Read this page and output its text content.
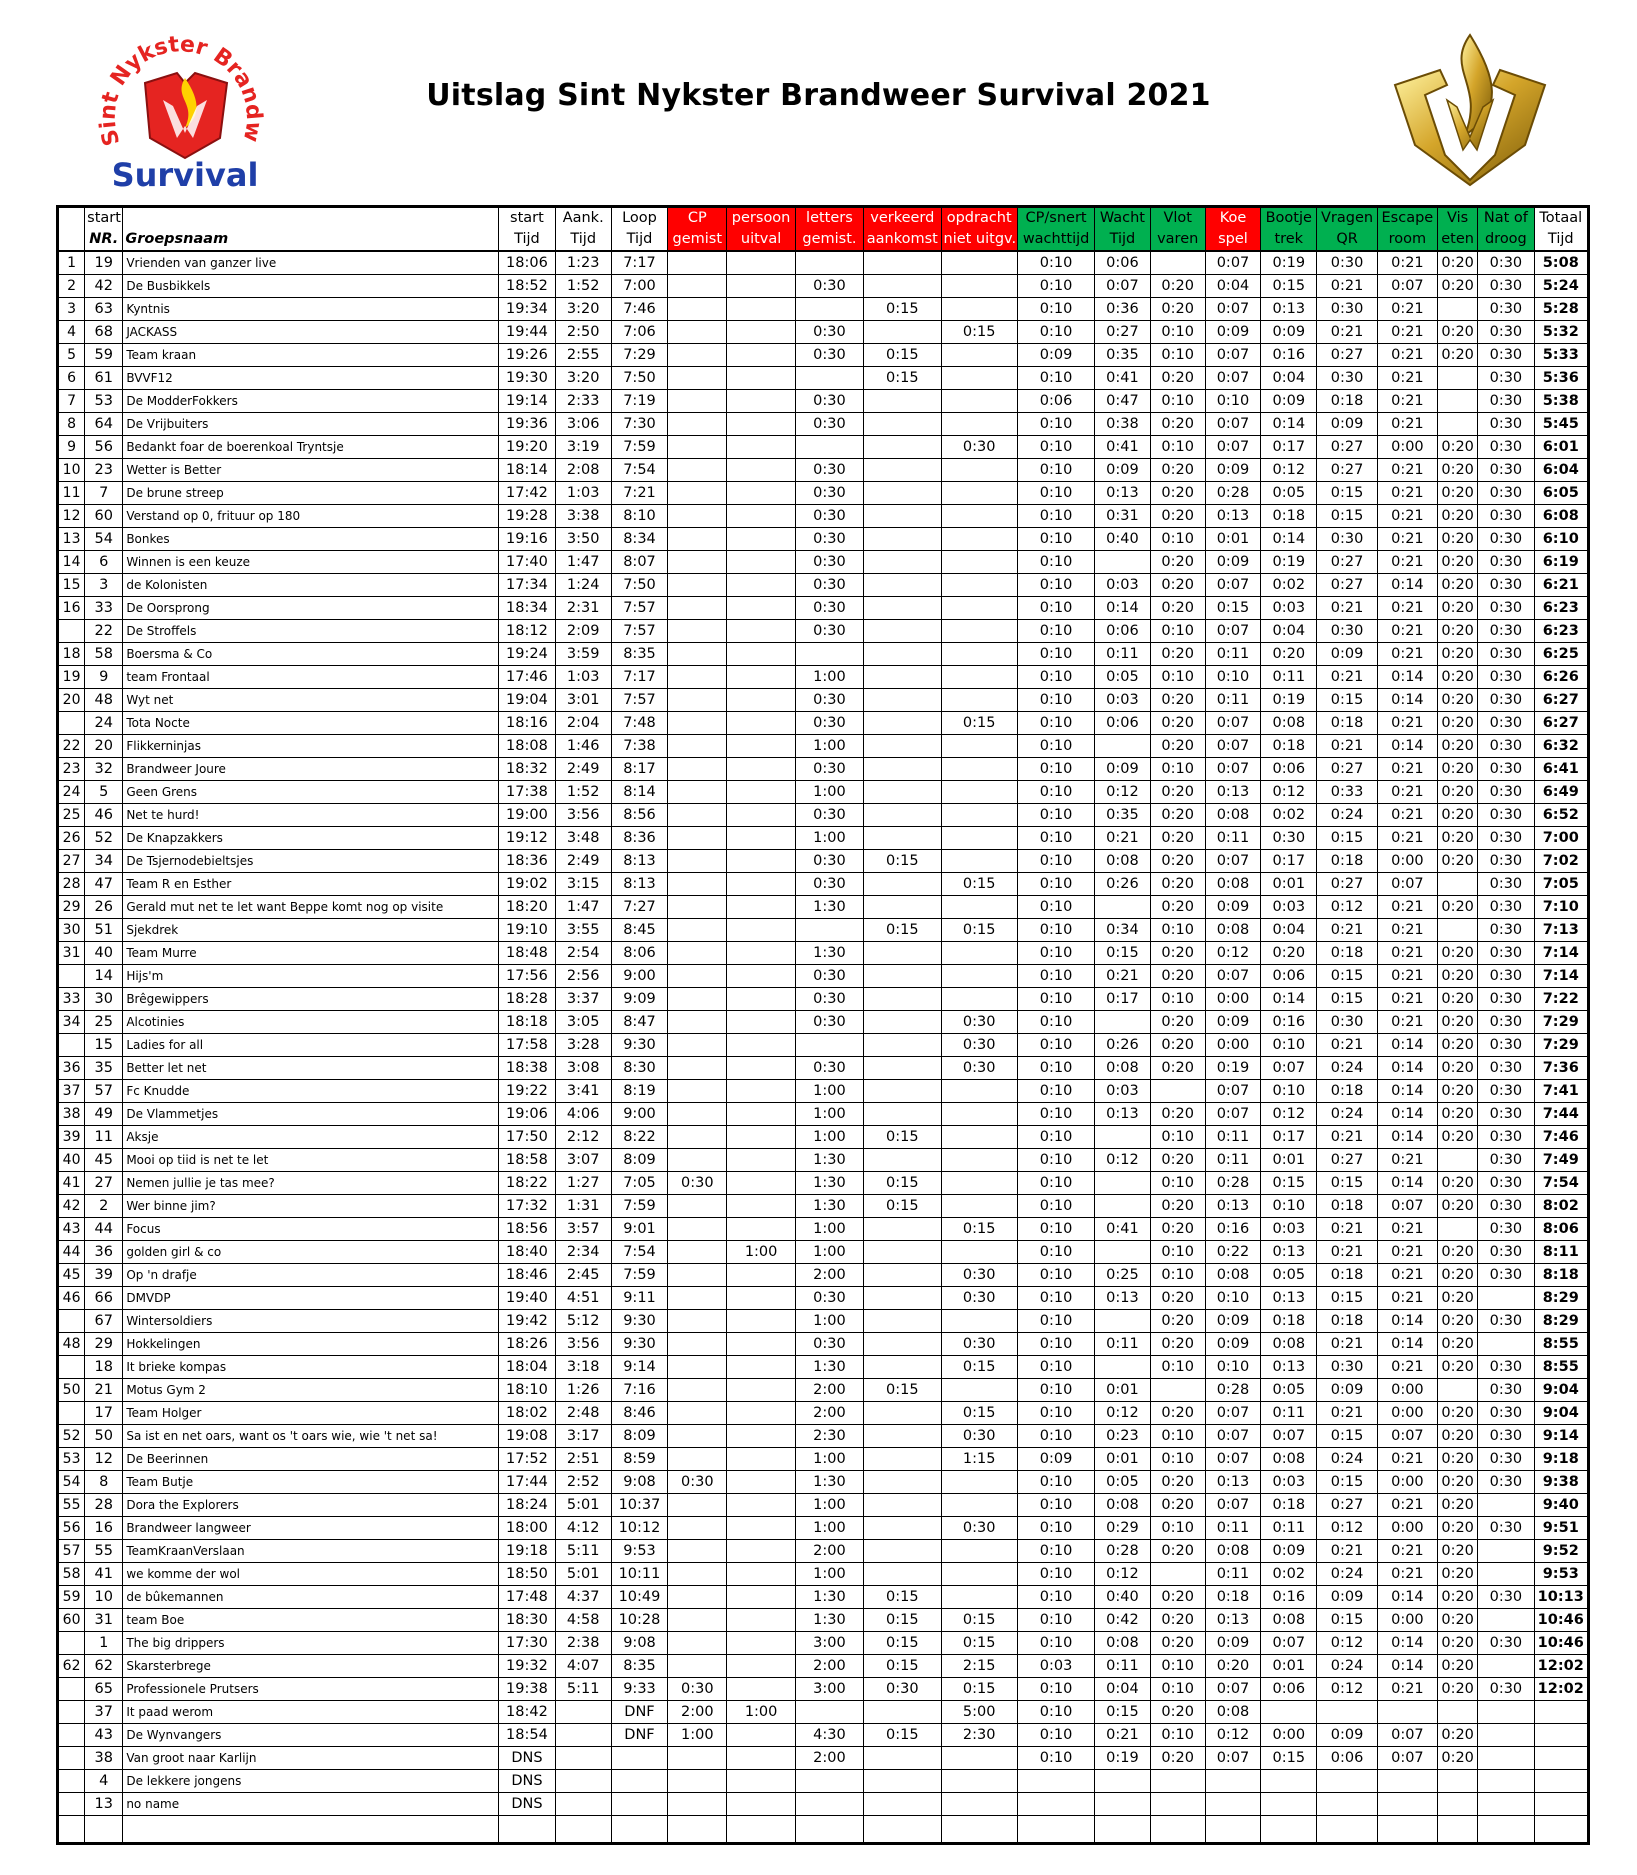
Sint Nykster Brandw
Survival
Uitslag Sint Nykster Brandweer Survival 2021
	start		start	Aank.	Loop	CP	persoon	letters	verkeerd	opdracht	CP/snert	Wacht	Vlot	Koe	Bootje	Vragen	Escape	Vis	Nat of	Totaal
	NR.	Groepsnaam	Tijd	Tijd	Tijd	gemist	uitval	gemist.	aankomst	niet uitgv.	wachttijd	Tijd	varen	spel	trek	QR	room	eten	droog	Tijd
1	19	Vrienden van ganzer live	18:06	1:23	7:17						0:10	0:06		0:07	0:19	0:30	0:21	0:20	0:30	5:08
2	42	De Busbikkels	18:52	1:52	7:00			0:30			0:10	0:07	0:20	0:04	0:15	0:21	0:07	0:20	0:30	5:24
3	63	Kyntnis	19:34	3:20	7:46				0:15		0:10	0:36	0:20	0:07	0:13	0:30	0:21		0:30	5:28
4	68	JACKASS	19:44	2:50	7:06			0:30		0:15	0:10	0:27	0:10	0:09	0:09	0:21	0:21	0:20	0:30	5:32
5	59	Team kraan	19:26	2:55	7:29			0:30	0:15		0:09	0:35	0:10	0:07	0:16	0:27	0:21	0:20	0:30	5:33
6	61	BVVF12	19:30	3:20	7:50				0:15		0:10	0:41	0:20	0:07	0:04	0:30	0:21		0:30	5:36
7	53	De ModderFokkers	19:14	2:33	7:19			0:30			0:06	0:47	0:10	0:10	0:09	0:18	0:21		0:30	5:38
8	64	De Vrijbuiters	19:36	3:06	7:30			0:30			0:10	0:38	0:20	0:07	0:14	0:09	0:21		0:30	5:45
9	56	Bedankt foar de boerenkoal Tryntsje	19:20	3:19	7:59					0:30	0:10	0:41	0:10	0:07	0:17	0:27	0:00	0:20	0:30	6:01
10	23	Wetter is Better	18:14	2:08	7:54			0:30			0:10	0:09	0:20	0:09	0:12	0:27	0:21	0:20	0:30	6:04
11	7	De brune streep	17:42	1:03	7:21			0:30			0:10	0:13	0:20	0:28	0:05	0:15	0:21	0:20	0:30	6:05
12	60	Verstand op 0, frituur op 180	19:28	3:38	8:10			0:30			0:10	0:31	0:20	0:13	0:18	0:15	0:21	0:20	0:30	6:08
13	54	Bonkes	19:16	3:50	8:34			0:30			0:10	0:40	0:10	0:01	0:14	0:30	0:21	0:20	0:30	6:10
14	6	Winnen is een keuze	17:40	1:47	8:07			0:30			0:10		0:20	0:09	0:19	0:27	0:21	0:20	0:30	6:19
15	3	de Kolonisten	17:34	1:24	7:50			0:30			0:10	0:03	0:20	0:07	0:02	0:27	0:14	0:20	0:30	6:21
16	33	De Oorsprong	18:34	2:31	7:57			0:30			0:10	0:14	0:20	0:15	0:03	0:21	0:21	0:20	0:30	6:23
	22	De Stroffels	18:12	2:09	7:57			0:30			0:10	0:06	0:10	0:07	0:04	0:30	0:21	0:20	0:30	6:23
18	58	Boersma & Co	19:24	3:59	8:35						0:10	0:11	0:20	0:11	0:20	0:09	0:21	0:20	0:30	6:25
19	9	team Frontaal	17:46	1:03	7:17			1:00			0:10	0:05	0:10	0:10	0:11	0:21	0:14	0:20	0:30	6:26
20	48	Wyt net	19:04	3:01	7:57			0:30			0:10	0:03	0:20	0:11	0:19	0:15	0:14	0:20	0:30	6:27
	24	Tota Nocte	18:16	2:04	7:48			0:30		0:15	0:10	0:06	0:20	0:07	0:08	0:18	0:21	0:20	0:30	6:27
22	20	Flikkerninjas	18:08	1:46	7:38			1:00			0:10		0:20	0:07	0:18	0:21	0:14	0:20	0:30	6:32
23	32	Brandweer Joure	18:32	2:49	8:17			0:30			0:10	0:09	0:10	0:07	0:06	0:27	0:21	0:20	0:30	6:41
24	5	Geen Grens	17:38	1:52	8:14			1:00			0:10	0:12	0:20	0:13	0:12	0:33	0:21	0:20	0:30	6:49
25	46	Net te hurd!	19:00	3:56	8:56			0:30			0:10	0:35	0:20	0:08	0:02	0:24	0:21	0:20	0:30	6:52
26	52	De Knapzakkers	19:12	3:48	8:36			1:00			0:10	0:21	0:20	0:11	0:30	0:15	0:21	0:20	0:30	7:00
27	34	De Tsjernodebieltsjes	18:36	2:49	8:13			0:30	0:15		0:10	0:08	0:20	0:07	0:17	0:18	0:00	0:20	0:30	7:02
28	47	Team R en Esther	19:02	3:15	8:13			0:30		0:15	0:10	0:26	0:20	0:08	0:01	0:27	0:07		0:30	7:05
29	26	Gerald mut net te let want Beppe komt nog op visite	18:20	1:47	7:27			1:30			0:10		0:20	0:09	0:03	0:12	0:21	0:20	0:30	7:10
30	51	Sjekdrek	19:10	3:55	8:45				0:15	0:15	0:10	0:34	0:10	0:08	0:04	0:21	0:21		0:30	7:13
31	40	Team Murre	18:48	2:54	8:06			1:30			0:10	0:15	0:20	0:12	0:20	0:18	0:21	0:20	0:30	7:14
	14	Hijs'm	17:56	2:56	9:00			0:30			0:10	0:21	0:20	0:07	0:06	0:15	0:21	0:20	0:30	7:14
33	30	Brêgewippers	18:28	3:37	9:09			0:30			0:10	0:17	0:10	0:00	0:14	0:15	0:21	0:20	0:30	7:22
34	25	Alcotinies	18:18	3:05	8:47			0:30		0:30	0:10		0:20	0:09	0:16	0:30	0:21	0:20	0:30	7:29
	15	Ladies for all	17:58	3:28	9:30					0:30	0:10	0:26	0:20	0:00	0:10	0:21	0:14	0:20	0:30	7:29
36	35	Better let net	18:38	3:08	8:30			0:30		0:30	0:10	0:08	0:20	0:19	0:07	0:24	0:14	0:20	0:30	7:36
37	57	Fc Knudde	19:22	3:41	8:19			1:00			0:10	0:03		0:07	0:10	0:18	0:14	0:20	0:30	7:41
38	49	De Vlammetjes	19:06	4:06	9:00			1:00			0:10	0:13	0:20	0:07	0:12	0:24	0:14	0:20	0:30	7:44
39	11	Aksje	17:50	2:12	8:22			1:00	0:15		0:10		0:10	0:11	0:17	0:21	0:14	0:20	0:30	7:46
40	45	Mooi op tiid is net te let	18:58	3:07	8:09			1:30			0:10	0:12	0:20	0:11	0:01	0:27	0:21		0:30	7:49
41	27	Nemen jullie je tas mee?	18:22	1:27	7:05	0:30		1:30	0:15		0:10		0:10	0:28	0:15	0:15	0:14	0:20	0:30	7:54
42	2	Wer binne jim?	17:32	1:31	7:59			1:30	0:15		0:10		0:20	0:13	0:10	0:18	0:07	0:20	0:30	8:02
43	44	Focus	18:56	3:57	9:01			1:00		0:15	0:10	0:41	0:20	0:16	0:03	0:21	0:21		0:30	8:06
44	36	golden girl & co	18:40	2:34	7:54		1:00	1:00			0:10		0:10	0:22	0:13	0:21	0:21	0:20	0:30	8:11
45	39	Op 'n drafje	18:46	2:45	7:59			2:00		0:30	0:10	0:25	0:10	0:08	0:05	0:18	0:21	0:20	0:30	8:18
46	66	DMVDP	19:40	4:51	9:11			0:30		0:30	0:10	0:13	0:20	0:10	0:13	0:15	0:21	0:20		8:29
	67	Wintersoldiers	19:42	5:12	9:30			1:00			0:10		0:20	0:09	0:18	0:18	0:14	0:20	0:30	8:29
48	29	Hokkelingen	18:26	3:56	9:30			0:30		0:30	0:10	0:11	0:20	0:09	0:08	0:21	0:14	0:20		8:55
	18	It brieke kompas	18:04	3:18	9:14			1:30		0:15	0:10		0:10	0:10	0:13	0:30	0:21	0:20	0:30	8:55
50	21	Motus Gym 2	18:10	1:26	7:16			2:00	0:15		0:10	0:01		0:28	0:05	0:09	0:00		0:30	9:04
	17	Team Holger	18:02	2:48	8:46			2:00		0:15	0:10	0:12	0:20	0:07	0:11	0:21	0:00	0:20	0:30	9:04
52	50	Sa ist en net oars, want os 't oars wie, wie 't net sa!	19:08	3:17	8:09			2:30		0:30	0:10	0:23	0:10	0:07	0:07	0:15	0:07	0:20	0:30	9:14
53	12	De Beerinnen	17:52	2:51	8:59			1:00		1:15	0:09	0:01	0:10	0:07	0:08	0:24	0:21	0:20	0:30	9:18
54	8	Team Butje	17:44	2:52	9:08	0:30		1:30			0:10	0:05	0:20	0:13	0:03	0:15	0:00	0:20	0:30	9:38
55	28	Dora the Explorers	18:24	5:01	10:37			1:00			0:10	0:08	0:20	0:07	0:18	0:27	0:21	0:20		9:40
56	16	Brandweer langweer	18:00	4:12	10:12			1:00		0:30	0:10	0:29	0:10	0:11	0:11	0:12	0:00	0:20	0:30	9:51
57	55	TeamKraanVerslaan	19:18	5:11	9:53			2:00			0:10	0:28	0:20	0:08	0:09	0:21	0:21	0:20		9:52
58	41	we komme der wol	18:50	5:01	10:11			1:00			0:10	0:12		0:11	0:02	0:24	0:21	0:20		9:53
59	10	de bûkemannen	17:48	4:37	10:49			1:30	0:15		0:10	0:40	0:20	0:18	0:16	0:09	0:14	0:20	0:30	10:13
60	31	team Boe	18:30	4:58	10:28			1:30	0:15	0:15	0:10	0:42	0:20	0:13	0:08	0:15	0:00	0:20		10:46
	1	The big drippers	17:30	2:38	9:08			3:00	0:15	0:15	0:10	0:08	0:20	0:09	0:07	0:12	0:14	0:20	0:30	10:46
62	62	Skarsterbrege	19:32	4:07	8:35			2:00	0:15	2:15	0:03	0:11	0:10	0:20	0:01	0:24	0:14	0:20		12:02
	65	Professionele Prutsers	19:38	5:11	9:33	0:30		3:00	0:30	0:15	0:10	0:04	0:10	0:07	0:06	0:12	0:21	0:20	0:30	12:02
	37	It paad werom	18:42		DNF	2:00	1:00			5:00	0:10	0:15	0:20	0:08						
	43	De Wynvangers	18:54		DNF	1:00		4:30	0:15	2:30	0:10	0:21	0:10	0:12	0:00	0:09	0:07	0:20		
	38	Van groot naar Karlijn	DNS					2:00			0:10	0:19	0:20	0:07	0:15	0:06	0:07	0:20		
	4	De lekkere jongens	DNS																	
	13	no name	DNS																	
